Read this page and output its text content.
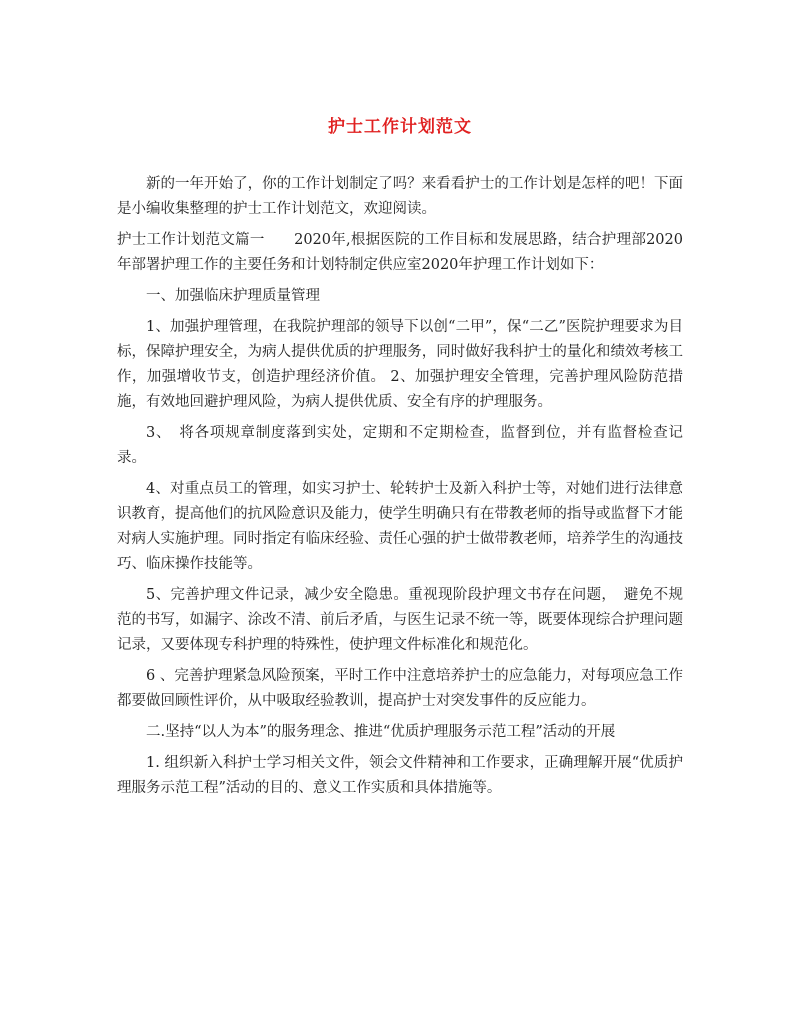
护士工作计划范文

新的一年开始了，你的工作计划制定了吗？来看看护士的工作计划是怎样的吧！下面是小编收集整理的护士工作计划范文，欢迎阅读。

护士工作计划范文篇一　　2020年,根据医院的工作目标和发展思路，结合护理部2020年部署护理工作的主要任务和计划特制定供应室2020年护理工作计划如下：

一、加强临床护理质量管理

1、加强护理管理，在我院护理部的领导下以创“二甲”，保“二乙”医院护理要求为目标，保障护理安全，为病人提供优质的护理服务，同时做好我科护士的量化和绩效考核工作，加强增收节支，创造护理经济价值。 2、加强护理安全管理，完善护理风险防范措施，有效地回避护理风险，为病人提供优质、安全有序的护理服务。

3、　将各项规章制度落到实处，定期和不定期检查，监督到位，并有监督检查记录。

4、对重点员工的管理，如实习护士、轮转护士及新入科护士等，对她们进行法律意识教育，提高他们的抗风险意识及能力，使学生明确只有在带教老师的指导或监督下才能对病人实施护理。同时指定有临床经验、责任心强的护士做带教老师，培养学生的沟通技巧、临床操作技能等。

5、完善护理文件记录，减少安全隐患。重视现阶段护理文书存在问题，　避免不规范的书写，如漏字、涂改不清、前后矛盾，与医生记录不统一等，既要体现综合护理问题记录，又要体现专科护理的特殊性，使护理文件标准化和规范化。

6 、完善护理紧急风险预案，平时工作中注意培养护士的应急能力，对每项应急工作都要做回顾性评价，从中吸取经验教训，提高护士对突发事件的反应能力。

二.坚持“以人为本”的服务理念、推进“优质护理服务示范工程”活动的开展

1. 组织新入科护士学习相关文件，领会文件精神和工作要求，正确理解开展“优质护理服务示范工程”活动的目的、意义工作实质和具体措施等。
